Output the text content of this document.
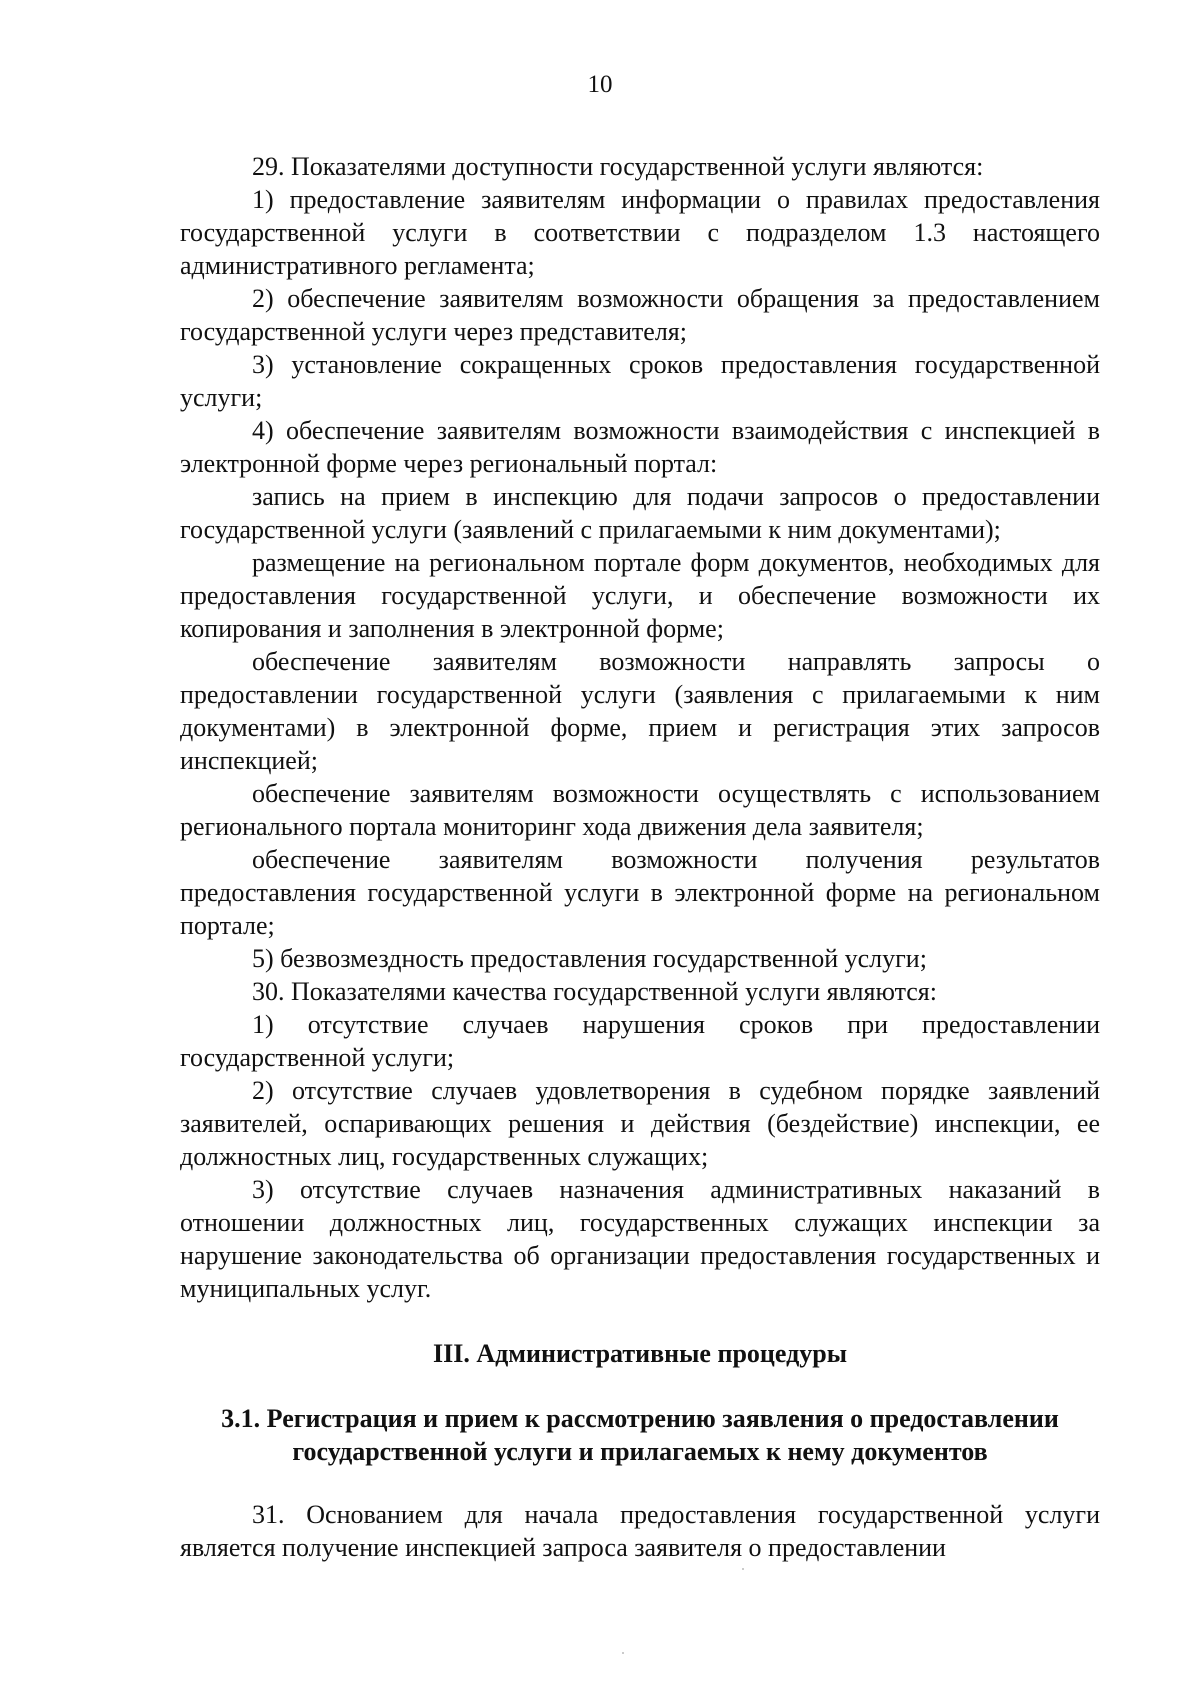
10

29. Показателями доступности государственной услуги являются:

1) предоставление заявителям информации о правилах предоставления государственной услуги в соответствии с подразделом 1.3 настоящего административного регламента;

2) обеспечение заявителям возможности обращения за предоставлением государственной услуги через представителя;

3) установление сокращенных сроков предоставления государственной услуги;

4) обеспечение заявителям возможности взаимодействия с инспекцией в электронной форме через региональный портал:

запись на прием в инспекцию для подачи запросов о предоставлении государственной услуги (заявлений с прилагаемыми к ним документами);

размещение на региональном портале форм документов, необходимых для предоставления государственной услуги, и обеспечение возможности их копирования и заполнения в электронной форме;

обеспечение заявителям возможности направлять запросы о предоставлении государственной услуги (заявления с прилагаемыми к ним документами) в электронной форме, прием и регистрация этих запросов инспекцией;

обеспечение заявителям возможности осуществлять с использованием регионального портала мониторинг хода движения дела заявителя;

обеспечение заявителям возможности получения результатов предоставления государственной услуги в электронной форме на региональном портале;

5) безвозмездность предоставления государственной услуги;

30. Показателями качества государственной услуги являются:

1) отсутствие случаев нарушения сроков при предоставлении государственной услуги;

2) отсутствие случаев удовлетворения в судебном порядке заявлений заявителей, оспаривающих решения и действия (бездействие) инспекции, ее должностных лиц, государственных служащих;

3) отсутствие случаев назначения административных наказаний в отношении должностных лиц, государственных служащих инспекции за нарушение законодательства об организации предоставления государственных и муниципальных услуг.

III. Административные процедуры
3.1. Регистрация и прием к рассмотрению заявления о предоставлении
государственной услуги и прилагаемых к нему документов

31. Основанием для начала предоставления государственной услуги является получение инспекцией запроса заявителя о предоставлении
